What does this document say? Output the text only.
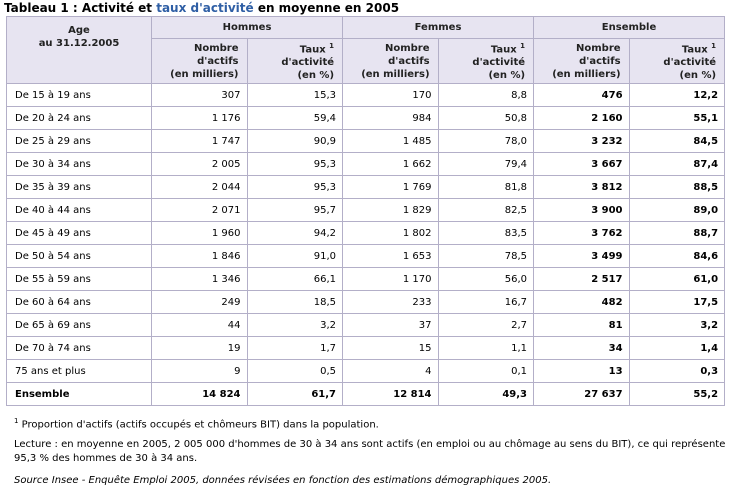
Tableau 1 : Activité et taux d'activité en moyenne en 2005
Age
au 31.12.2005	Hommes		Femmes		Ensemble	
	Nombre
d'actifs
(en milliers)	Taux $^1$
d'activité
(en %)	Nombre
d'actifs
(en milliers)	Taux $^1$
d'activité
(en %)	Nombre
d'actifs
(en milliers)	Taux $^1$
d'activité
(en %)
De 15 à 19 ans	307	15,3	170	8,8	476	12,2
De 20 à 24 ans	1 176	59,4	984	50,8	2 160	55,1
De 25 à 29 ans	1 747	90,9	1 485	78,0	3 232	84,5
De 30 à 34 ans	2 005	95,3	1 662	79,4	3 667	87,4
De 35 à 39 ans	2 044	95,3	1 769	81,8	3 812	88,5
De 40 à 44 ans	2 071	95,7	1 829	82,5	3 900	89,0
De 45 à 49 ans	1 960	94,2	1 802	83,5	3 762	88,7
De 50 à 54 ans	1 846	91,0	1 653	78,5	3 499	84,6
De 55 à 59 ans	1 346	66,1	1 170	56,0	2 517	61,0
De 60 à 64 ans	249	18,5	233	16,7	482	17,5
De 65 à 69 ans	44	3,2	37	2,7	81	3,2
De 70 à 74 ans	19	1,7	15	1,1	34	1,4
75 ans et plus	9	0,5	4	0,1	13	0,3
Ensemble	14 824	61,7	12 814	49,3	27 637	55,2

$^1$ Proportion d'actifs (actifs occupés et chômeurs BIT) dans la population.

Lecture : en moyenne en 2005, 2 005 000 d'hommes de 30 à 34 ans sont actifs (en emploi ou au chômage au sens du BIT), ce qui représente 95,3 % des hommes de 30 à 34 ans.

Source Insee - Enquête Emploi 2005, données révisées en fonction des estimations démographiques 2005.
